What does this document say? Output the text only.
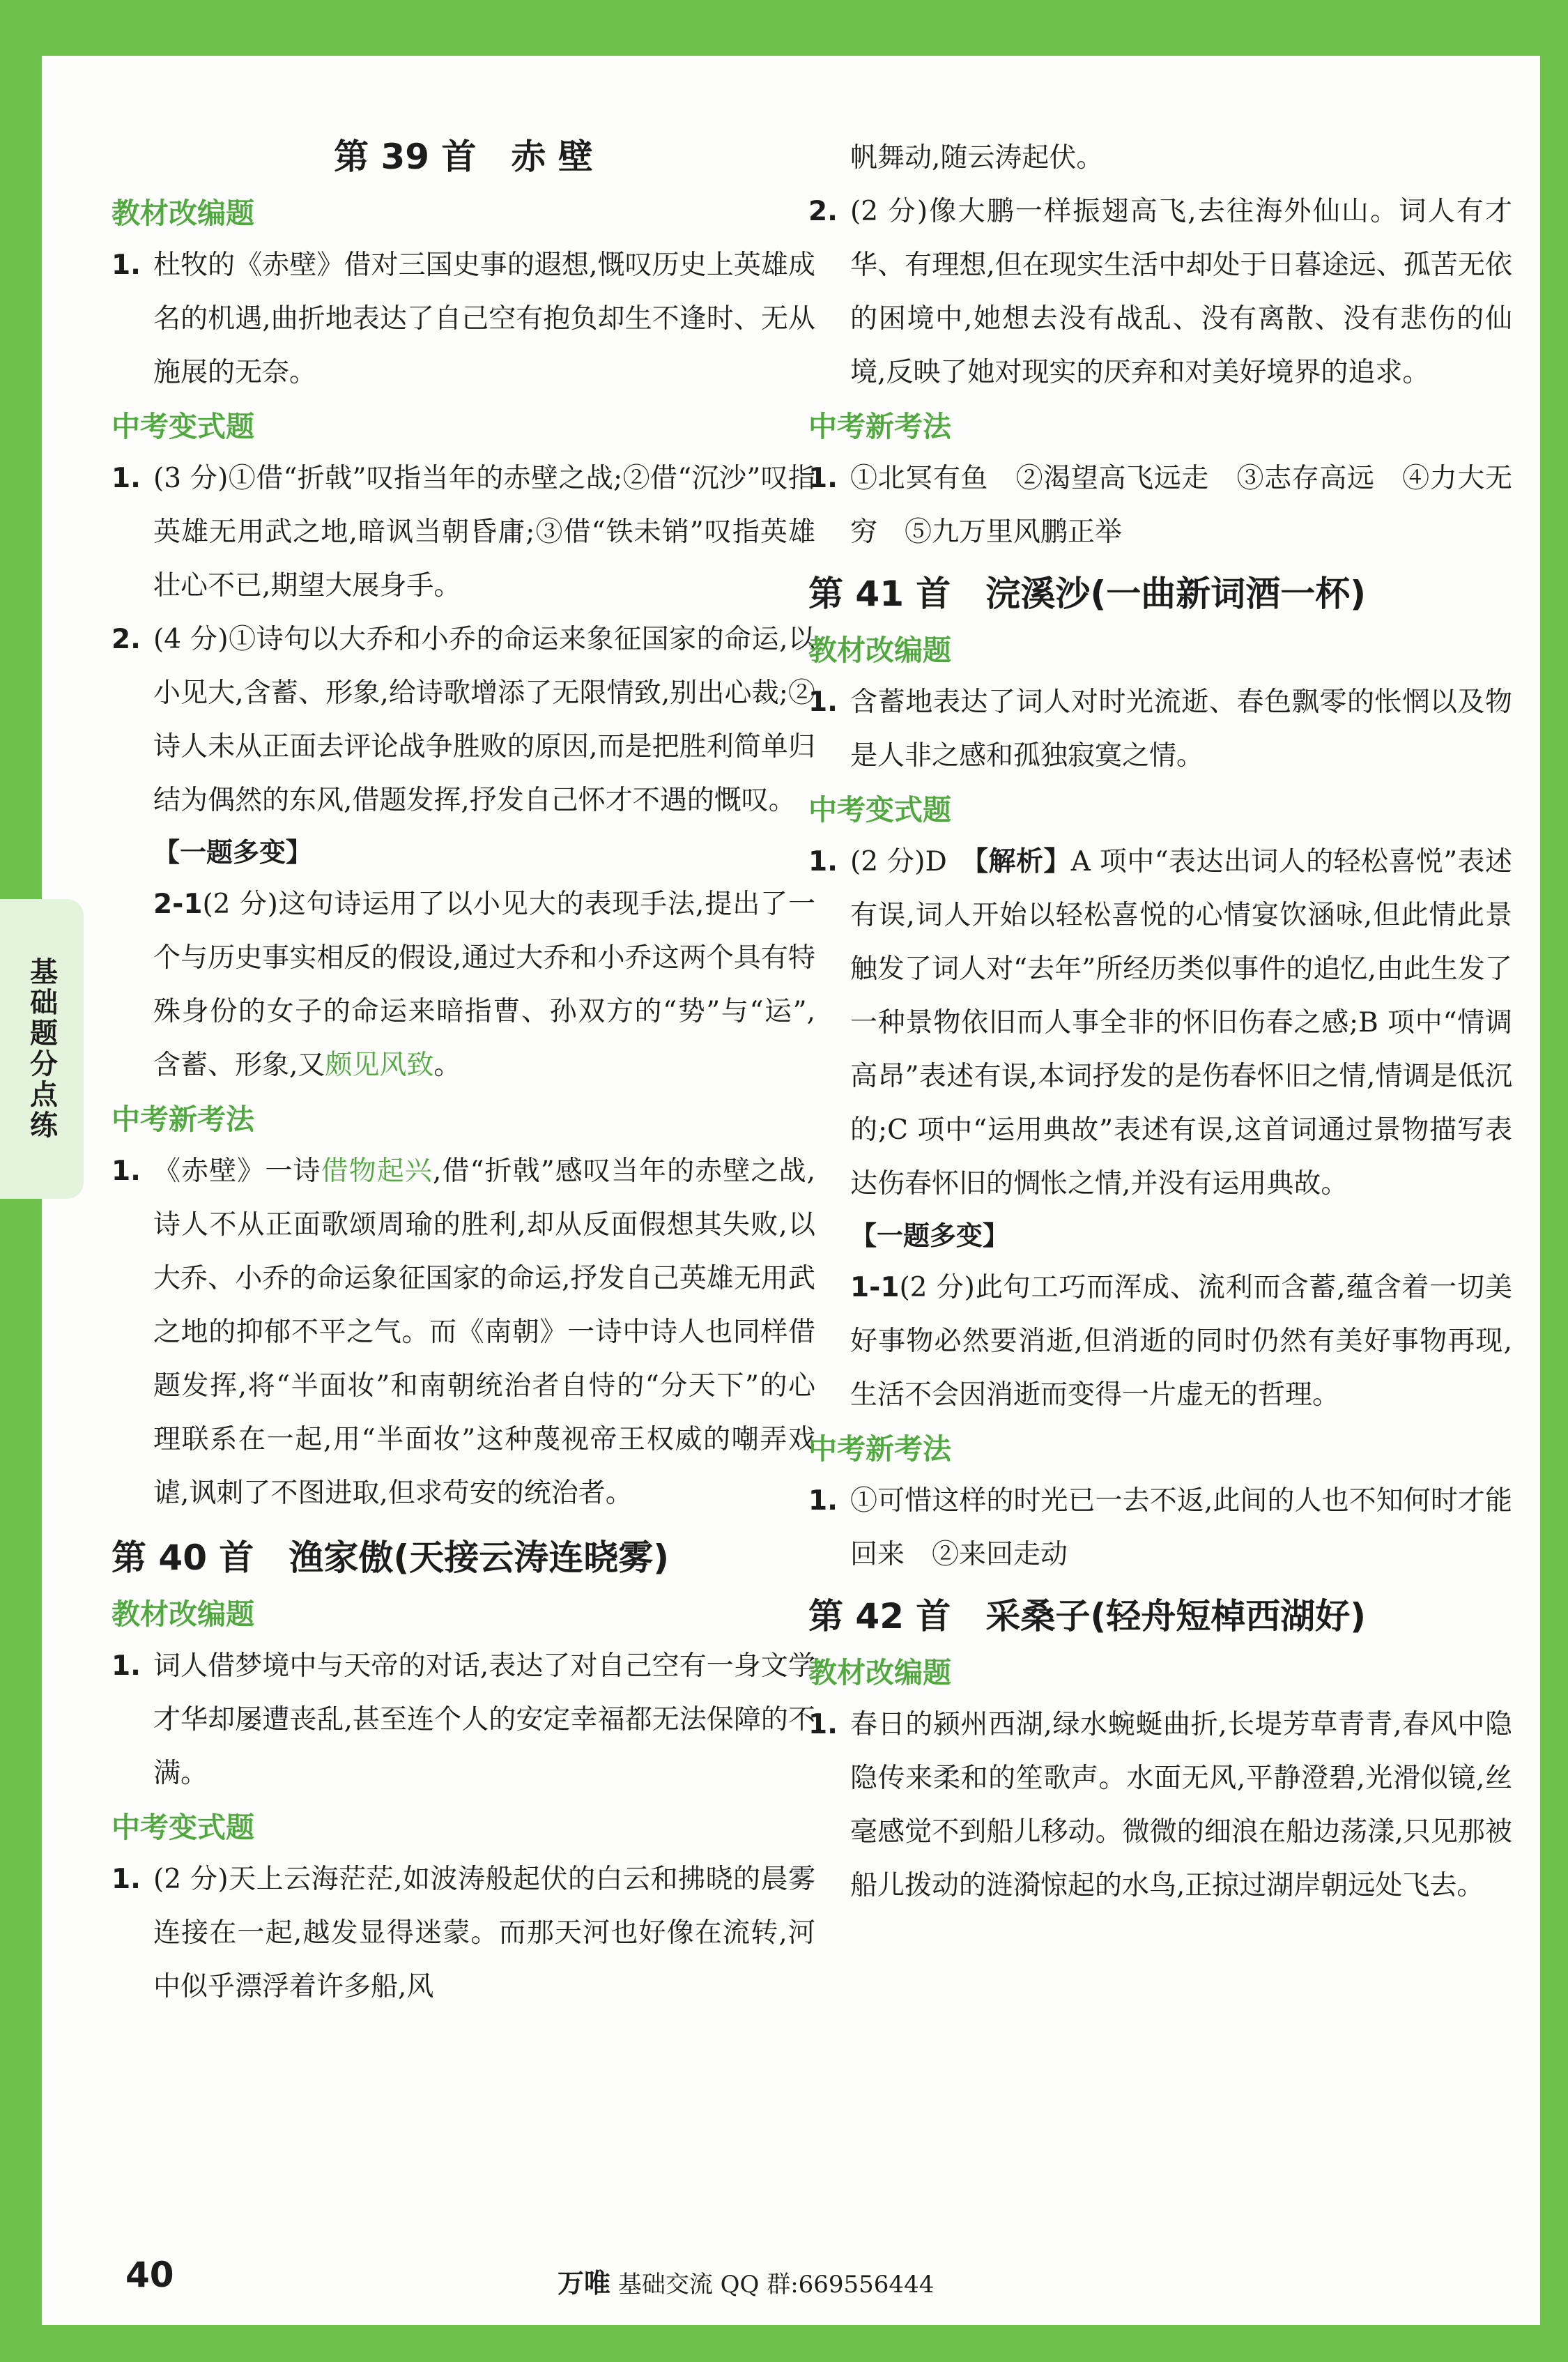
第 39 首　赤 壁
教材改编题
1. 杜牧的《赤壁》借对三国史事的遐想,慨叹历史上英雄成名的机遇,曲折地表达了自己空有抱负却生不逢时、无从施展的无奈。
中考变式题
1. (3 分)①借“折戟”叹指当年的赤壁之战;②借“沉沙”叹指英雄无用武之地,暗讽当朝昏庸;③借“铁未销”叹指英雄壮心不已,期望大展身手。
2. (4 分)①诗句以大乔和小乔的命运来象征国家的命运,以小见大,含蓄、形象,给诗歌增添了无限情致,别出心裁;②诗人未从正面去评论战争胜败的原因,而是把胜利简单归结为偶然的东风,借题发挥,抒发自己怀才不遇的慨叹。
【一题多变】
2-1(2 分)这句诗运用了以小见大的表现手法,提出了一个与历史事实相反的假设,通过大乔和小乔这两个具有特殊身份的女子的命运来暗指曹、孙双方的“势”与“运”,含蓄、形象,又颇见风致。
中考新考法
1. 《赤壁》一诗借物起兴,借“折戟”感叹当年的赤壁之战,诗人不从正面歌颂周瑜的胜利,却从反面假想其失败,以大乔、小乔的命运象征国家的命运,抒发自己英雄无用武之地的抑郁不平之气。而《南朝》一诗中诗人也同样借题发挥,将“半面妆”和南朝统治者自恃的“分天下”的心理联系在一起,用“半面妆”这种蔑视帝王权威的嘲弄戏谑,讽刺了不图进取,但求苟安的统治者。
第 40 首　渔家傲(天接云涛连晓雾)
教材改编题
1. 词人借梦境中与天帝的对话,表达了对自己空有一身文学才华却屡遭丧乱,甚至连个人的安定幸福都无法保障的不满。
中考变式题
1. (2 分)天上云海茫茫,如波涛般起伏的白云和拂晓的晨雾连接在一起,越发显得迷蒙。而那天河也好像在流转,河中似乎漂浮着许多船,风
帆舞动,随云涛起伏。
2. (2 分)像大鹏一样振翅高飞,去往海外仙山。词人有才华、有理想,但在现实生活中却处于日暮途远、孤苦无依的困境中,她想去没有战乱、没有离散、没有悲伤的仙境,反映了她对现实的厌弃和对美好境界的追求。
中考新考法
1. ①北冥有鱼　②渴望高飞远走　③志存高远　④力大无穷　⑤九万里风鹏正举
第 41 首　浣溪沙(一曲新词酒一杯)
教材改编题
1. 含蓄地表达了词人对时光流逝、春色飘零的怅惘以及物是人非之感和孤独寂寞之情。
中考变式题
1. (2 分)D　【解析】A 项中“表达出词人的轻松喜悦”表述有误,词人开始以轻松喜悦的心情宴饮涵咏,但此情此景触发了词人对“去年”所经历类似事件的追忆,由此生发了一种景物依旧而人事全非的怀旧伤春之感;B 项中“情调高昂”表述有误,本词抒发的是伤春怀旧之情,情调是低沉的;C 项中“运用典故”表述有误,这首词通过景物描写表达伤春怀旧的惆怅之情,并没有运用典故。
【一题多变】
1-1(2 分)此句工巧而浑成、流利而含蓄,蕴含着一切美好事物必然要消逝,但消逝的同时仍然有美好事物再现,生活不会因消逝而变得一片虚无的哲理。
中考新考法
1. ①可惜这样的时光已一去不返,此间的人也不知何时才能回来　②来回走动
第 42 首　采桑子(轻舟短棹西湖好)
教材改编题
1. 春日的颍州西湖,绿水蜿蜒曲折,长堤芳草青青,春风中隐隐传来柔和的笙歌声。水面无风,平静澄碧,光滑似镜,丝毫感觉不到船儿移动。微微的细浪在船边荡漾,只见那被船儿拨动的涟漪惊起的水鸟,正掠过湖岸朝远处飞去。
基础题分点练
40	万唯 基础交流 QQ 群:669556444
